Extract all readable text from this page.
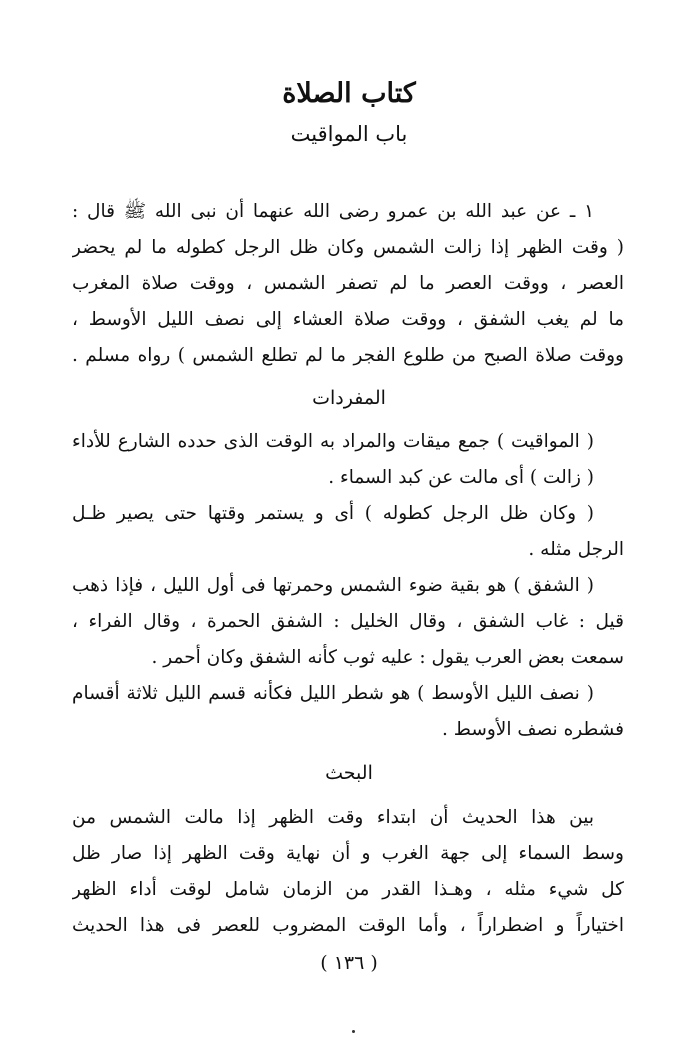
كتاب الصلاة
باب المواقيت
١ ـ عن عبد الله بن عمرو رضى الله عنهما أن نبى الله ﷺ قال :
( وقت الظهر إذا زالت الشمس وكان ظل الرجل كطوله ما لم يحضر
العصر ، ووقت العصر ما لم تصفر الشمس ، ووقت صلاة المغرب
ما لم يغب الشفق ، ووقت صلاة العشاء إلى نصف الليل الأوسط ،
ووقت صلاة الصبح من طلوع الفجر ما لم تطلع الشمس ) رواه مسلم .
المفردات
( المواقيت ) جمع ميقات والمراد به الوقت الذى حدده الشارع للأداء
( زالت ) أى مالت عن كبد السماء .
( وكان ظل الرجل كطوله ) أى و يستمر وقتها حتى يصير ظـل
الرجل مثله .
( الشفق ) هو بقية ضوء الشمس وحمرتها فى أول الليل ، فإذا ذهب
قيل : غاب الشفق ، وقال الخليل : الشفق الحمرة ، وقال الفراء ،
سمعت بعض العرب يقول : عليه ثوب كأنه الشفق وكان أحمر .
( نصف الليل الأوسط ) هو شطر الليل فكأنه قسم الليل ثلاثة أقسام
فشطره نصف الأوسط .
البحث
بين هذا الحديث أن ابتداء وقت الظهر إذا مالت الشمس من
وسط السماء إلى جهة الغرب و أن نهاية وقت الظهر إذا صار ظل
كل شيء مثله ، وهـذا القدر من الزمان شامل لوقت أداء الظهر
اختياراً و اضطراراً ، وأما الوقت المضروب للعصر فى هذا الحديث
( ١٣٦ )
